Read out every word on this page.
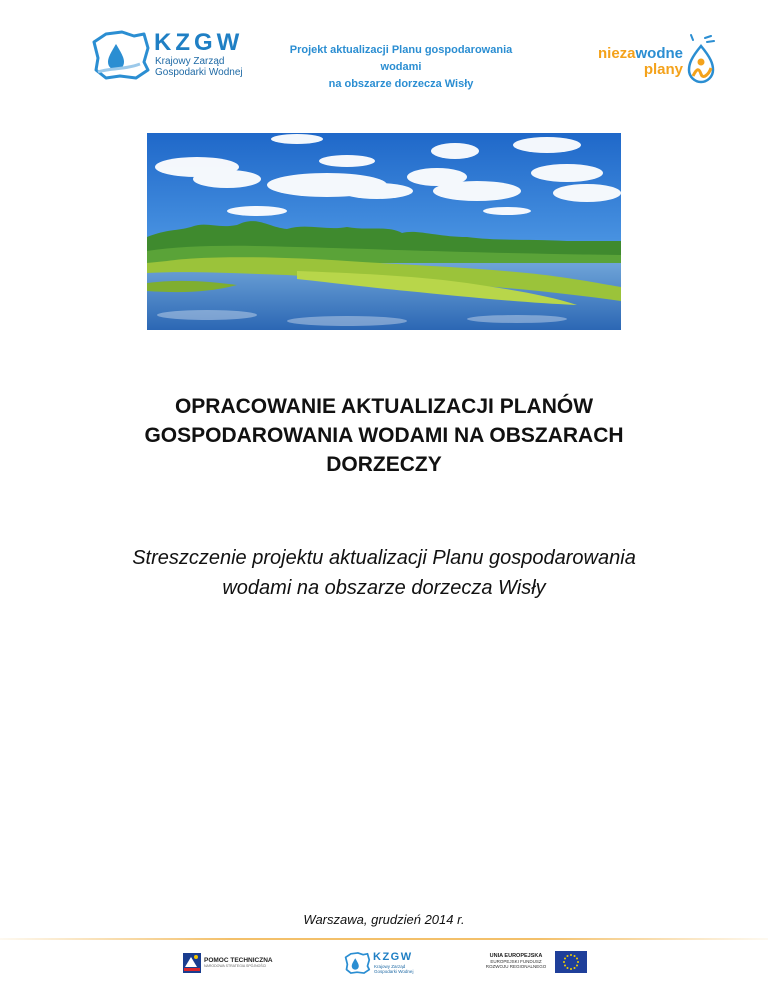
KZGW
Krajowy Zarząd
Gospodarki Wodnej
Projekt aktualizacji Planu gospodarowania wodami
na obszarze dorzecza Wisły
niezawodne
plany
OPRACOWANIE AKTUALIZACJI PLANÓW
GOSPODAROWANIA WODAMI NA OBSZARACH
DORZECZY
Streszczenie projektu aktualizacji Planu gospodarowania
wodami na obszarze dorzecza Wisły
Warszawa, grudzień 2014 r.
POMOC TECHNICZNA
NARODOWA STRATEGIA SPÓJNOŚCI
KZGW
Krajowy Zarząd
Gospodarki Wodnej
UNIA EUROPEJSKA
EUROPEJSKI FUNDUSZ
ROZWOJU REGIONALNEGO
